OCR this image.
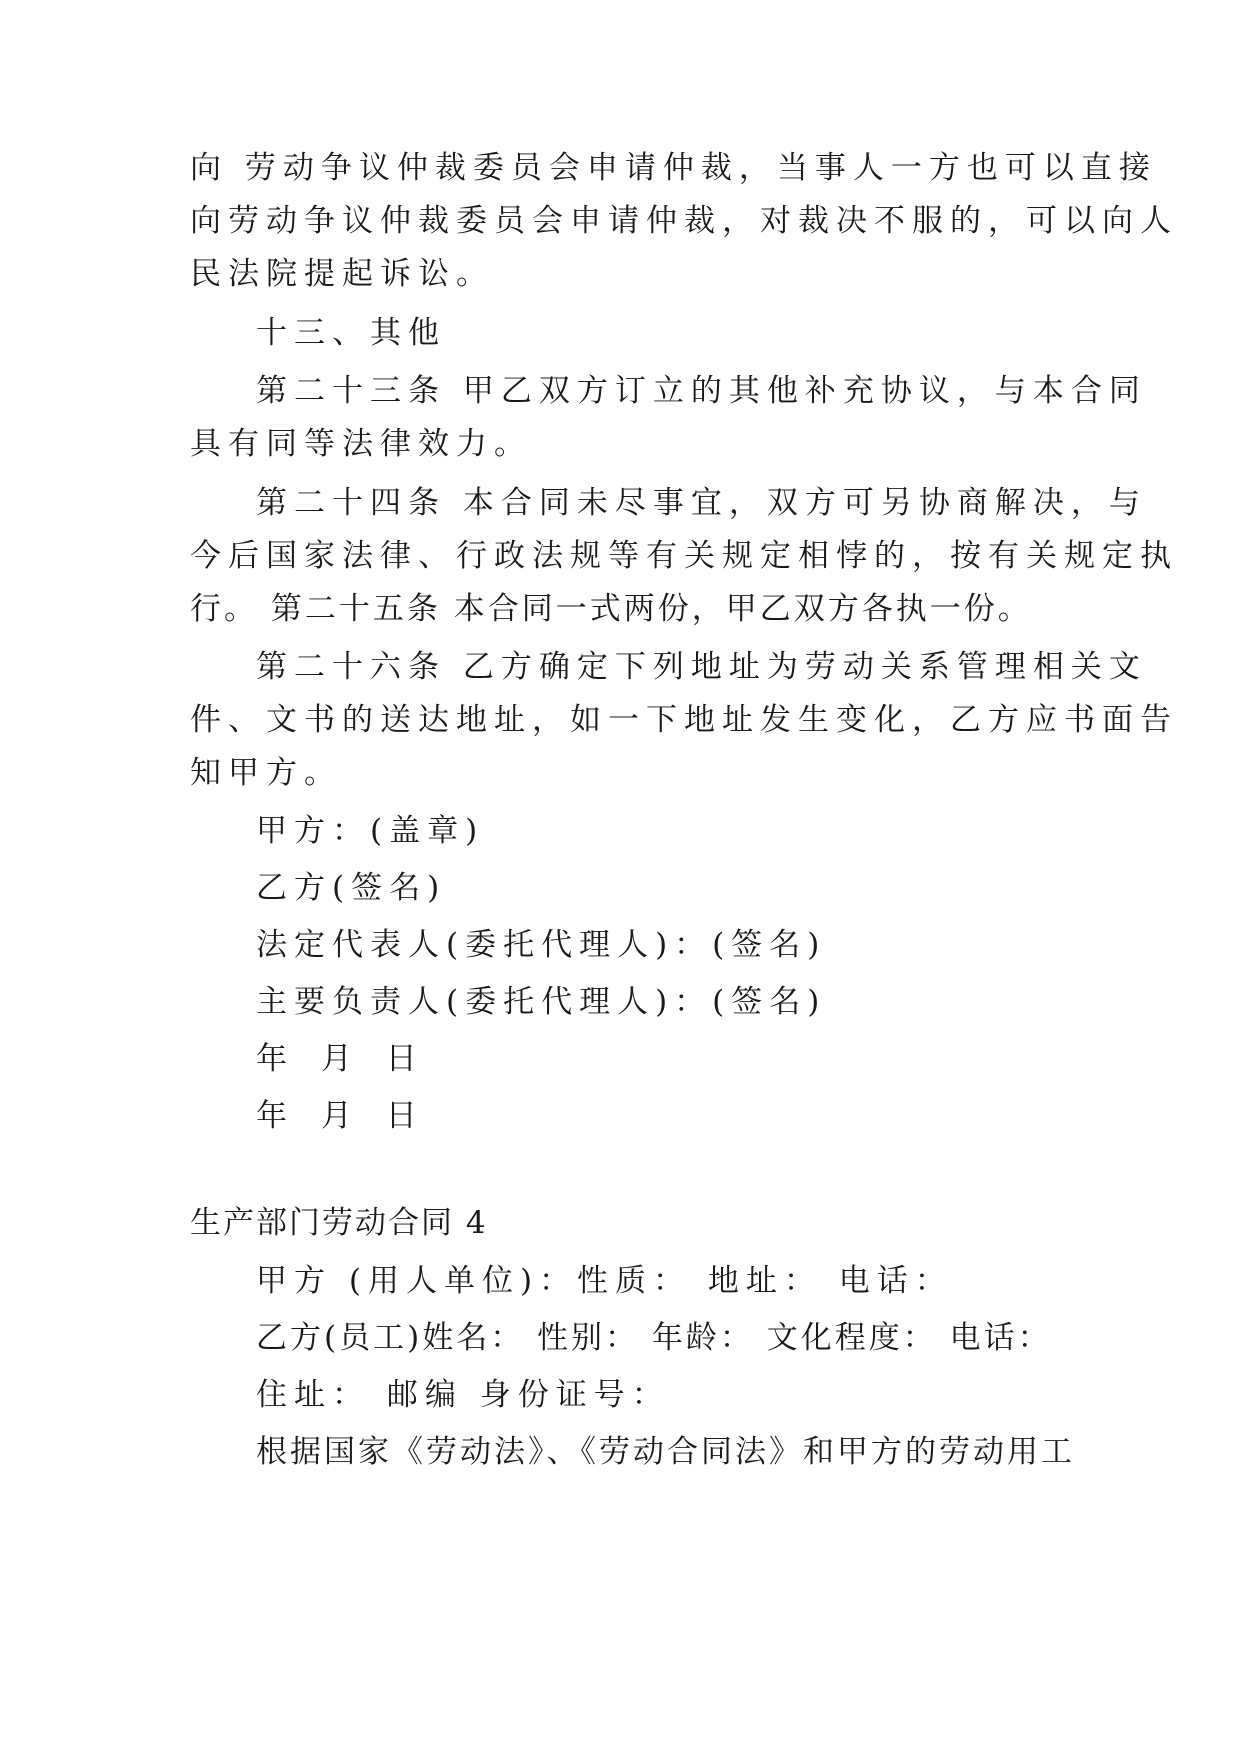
向 劳动争议仲裁委员会申请仲裁，当事人一方也可以直接
向劳动争议仲裁委员会申请仲裁，对裁决不服的，可以向人
民法院提起诉讼。
十三、其他
第二十三条 甲乙双方订立的其他补充协议，与本合同
具有同等法律效力。
第二十四条 本合同未尽事宜，双方可另协商解决，与
今后国家法律、行政法规等有关规定相悖的，按有关规定执
行。 第二十五条 本合同一式两份，甲乙双方各执一份。
第二十六条 乙方确定下列地址为劳动关系管理相关文
件、文书的送达地址，如一下地址发生变化，乙方应书面告
知甲方。
甲方：(盖章)
乙方(签名)
法定代表人(委托代理人)：(签名)
主要负责人(委托代理人)：(签名)
年 月 日
年 月 日
生产部门劳动合同 4
甲方 (用人单位)：性质： 地址： 电话：
乙方(员工)姓名： 性别： 年龄： 文化程度： 电话：
住址： 邮编 身份证号：
根据国家《劳动法》、《劳动合同法》和甲方的劳动用工
